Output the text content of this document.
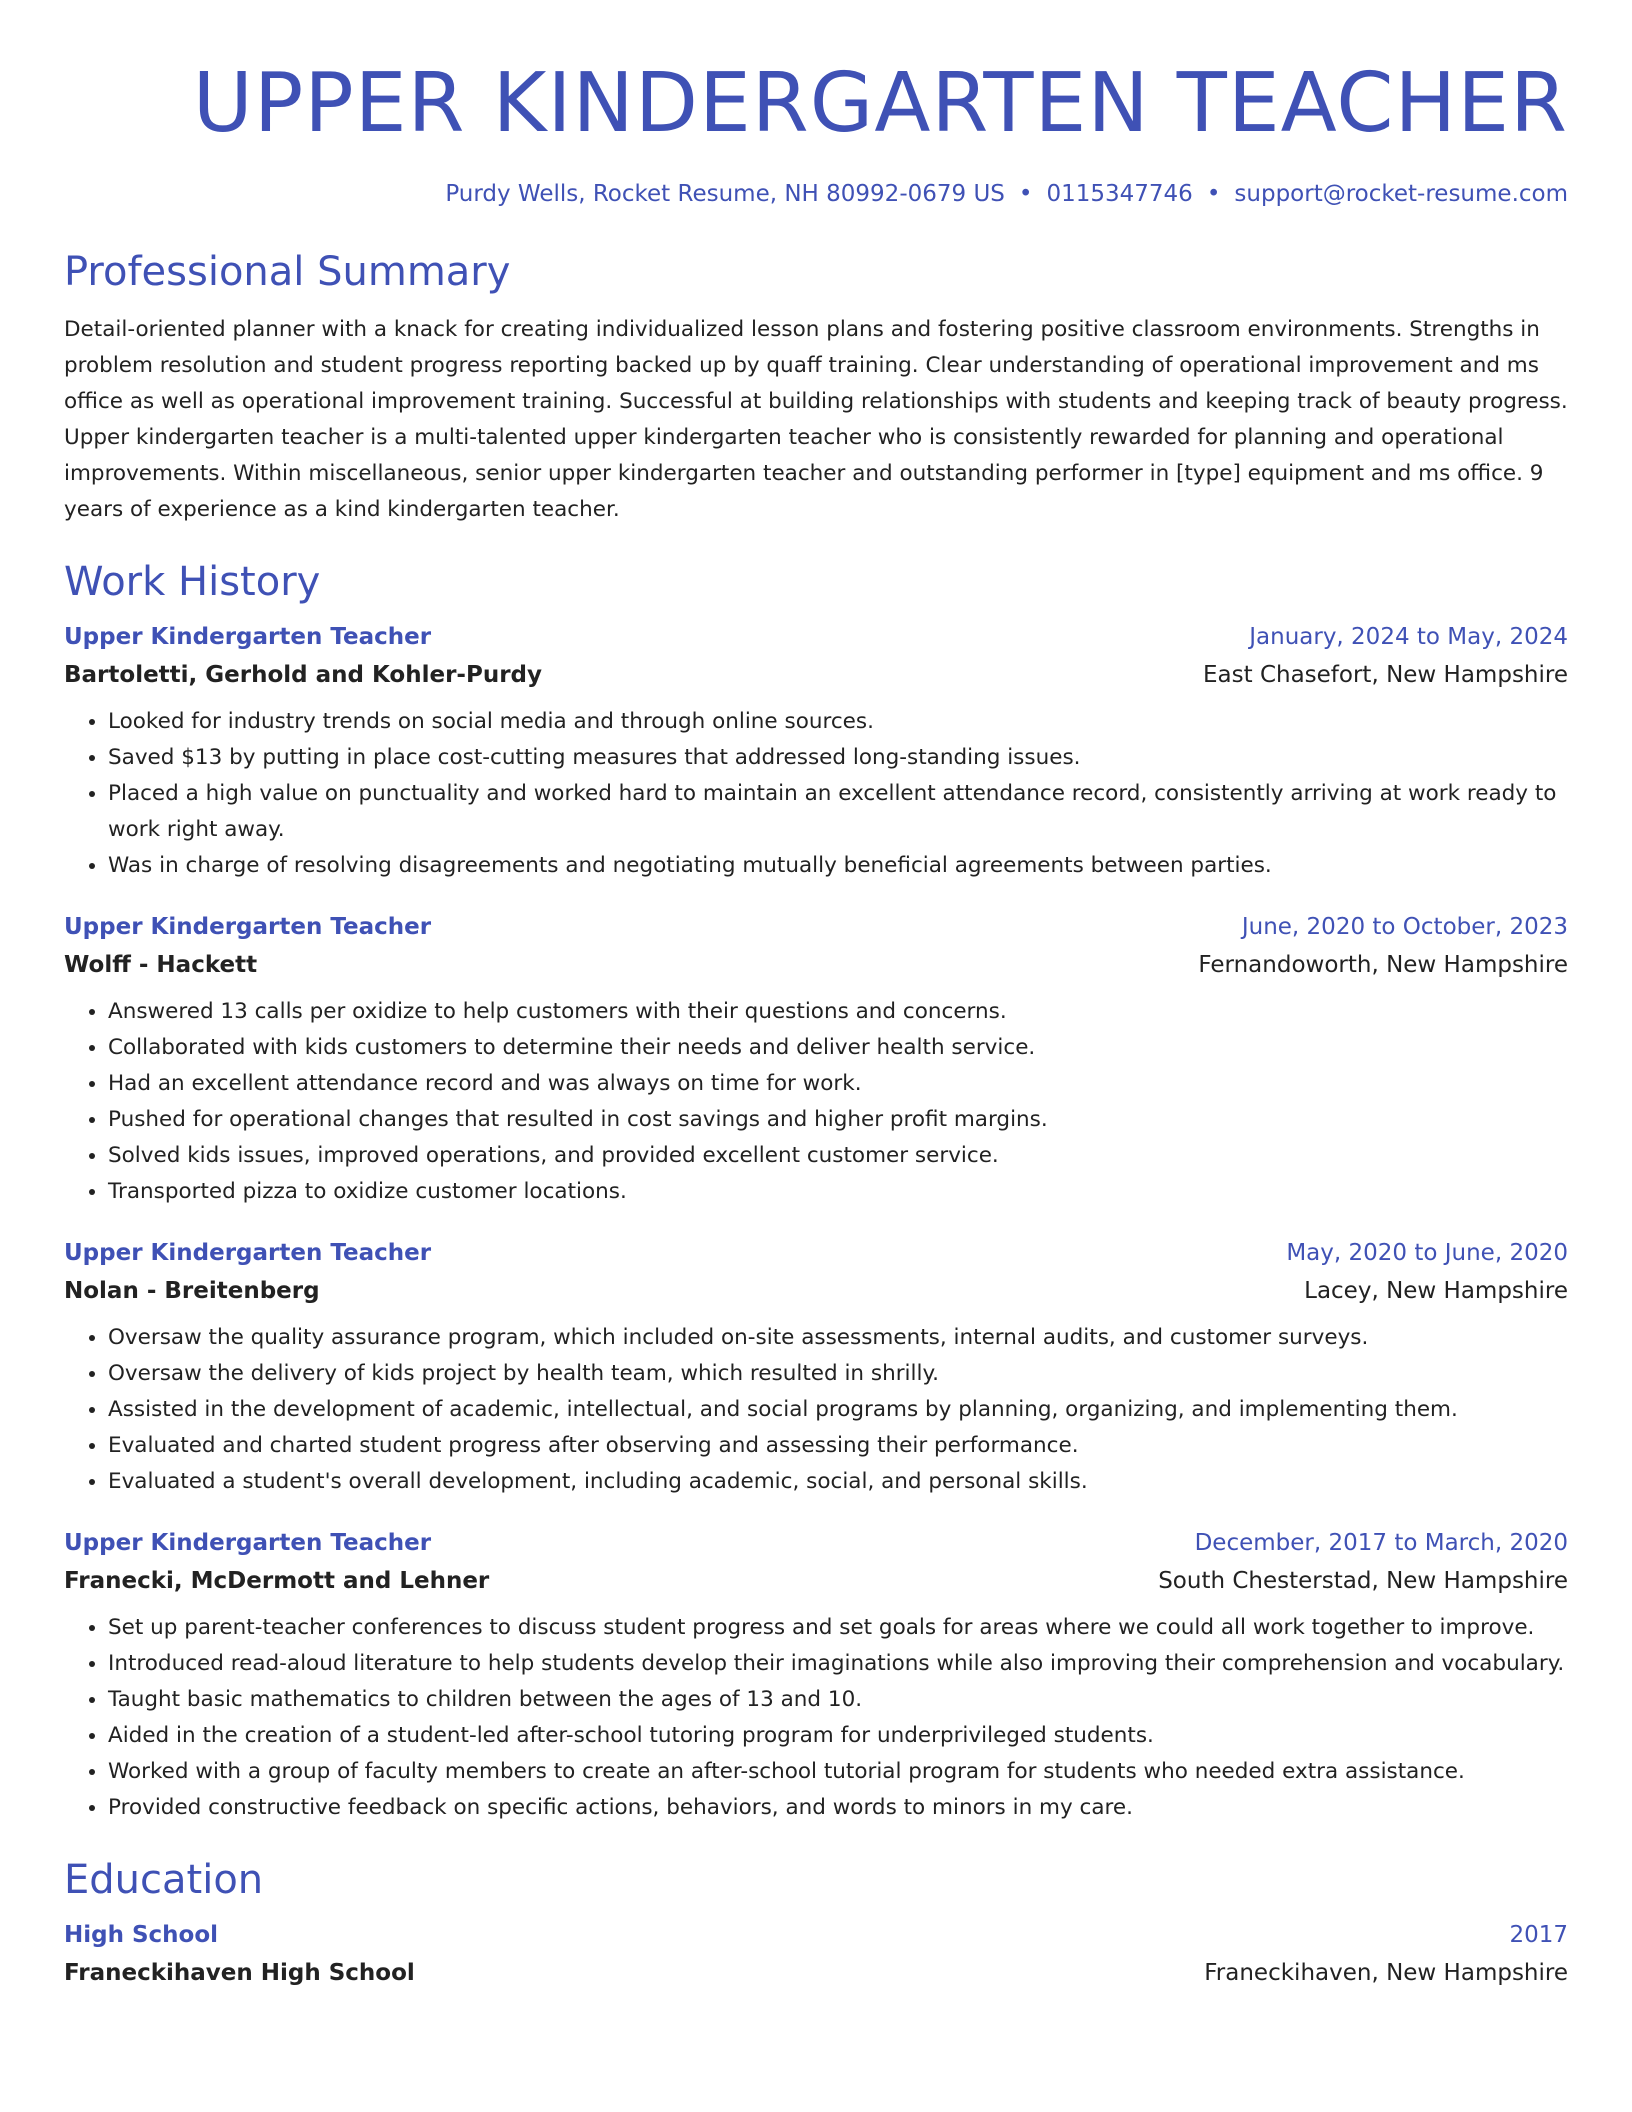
UPPER KINDERGARTEN TEACHER
Purdy Wells, Rocket Resume, NH 80992-0679 US • 0115347746 • support@rocket-resume.com
Professional Summary
Detail-oriented planner with a knack for creating individualized lesson plans and fostering positive classroom environments. Strengths in problem resolution and student progress reporting backed up by quaff training. Clear understanding of operational improvement and ms office as well as operational improvement training. Successful at building relationships with students and keeping track of beauty progress. Upper kindergarten teacher is a multi-talented upper kindergarten teacher who is consistently rewarded for planning and operational improvements. Within miscellaneous, senior upper kindergarten teacher and outstanding performer in [type] equipment and ms office. 9 years of experience as a kind kindergarten teacher.
Work History
Upper Kindergarten Teacher	January, 2024 to May, 2024
Bartoletti, Gerhold and Kohler-Purdy	East Chasefort, New Hampshire
• Looked for industry trends on social media and through online sources.
• Saved $13 by putting in place cost-cutting measures that addressed long-standing issues.
• Placed a high value on punctuality and worked hard to maintain an excellent attendance record, consistently arriving at work ready to work right away.
• Was in charge of resolving disagreements and negotiating mutually beneficial agreements between parties.
Upper Kindergarten Teacher	June, 2020 to October, 2023
Wolff - Hackett	Fernandoworth, New Hampshire
• Answered 13 calls per oxidize to help customers with their questions and concerns.
• Collaborated with kids customers to determine their needs and deliver health service.
• Had an excellent attendance record and was always on time for work.
• Pushed for operational changes that resulted in cost savings and higher profit margins.
• Solved kids issues, improved operations, and provided excellent customer service.
• Transported pizza to oxidize customer locations.
Upper Kindergarten Teacher	May, 2020 to June, 2020
Nolan - Breitenberg	Lacey, New Hampshire
• Oversaw the quality assurance program, which included on-site assessments, internal audits, and customer surveys.
• Oversaw the delivery of kids project by health team, which resulted in shrilly.
• Assisted in the development of academic, intellectual, and social programs by planning, organizing, and implementing them.
• Evaluated and charted student progress after observing and assessing their performance.
• Evaluated a student's overall development, including academic, social, and personal skills.
Upper Kindergarten Teacher	December, 2017 to March, 2020
Franecki, McDermott and Lehner	South Chesterstad, New Hampshire
• Set up parent-teacher conferences to discuss student progress and set goals for areas where we could all work together to improve.
• Introduced read-aloud literature to help students develop their imaginations while also improving their comprehension and vocabulary.
• Taught basic mathematics to children between the ages of 13 and 10.
• Aided in the creation of a student-led after-school tutoring program for underprivileged students.
• Worked with a group of faculty members to create an after-school tutorial program for students who needed extra assistance.
• Provided constructive feedback on specific actions, behaviors, and words to minors in my care.
Education
High School	2017
Franeckihaven High School	Franeckihaven, New Hampshire
